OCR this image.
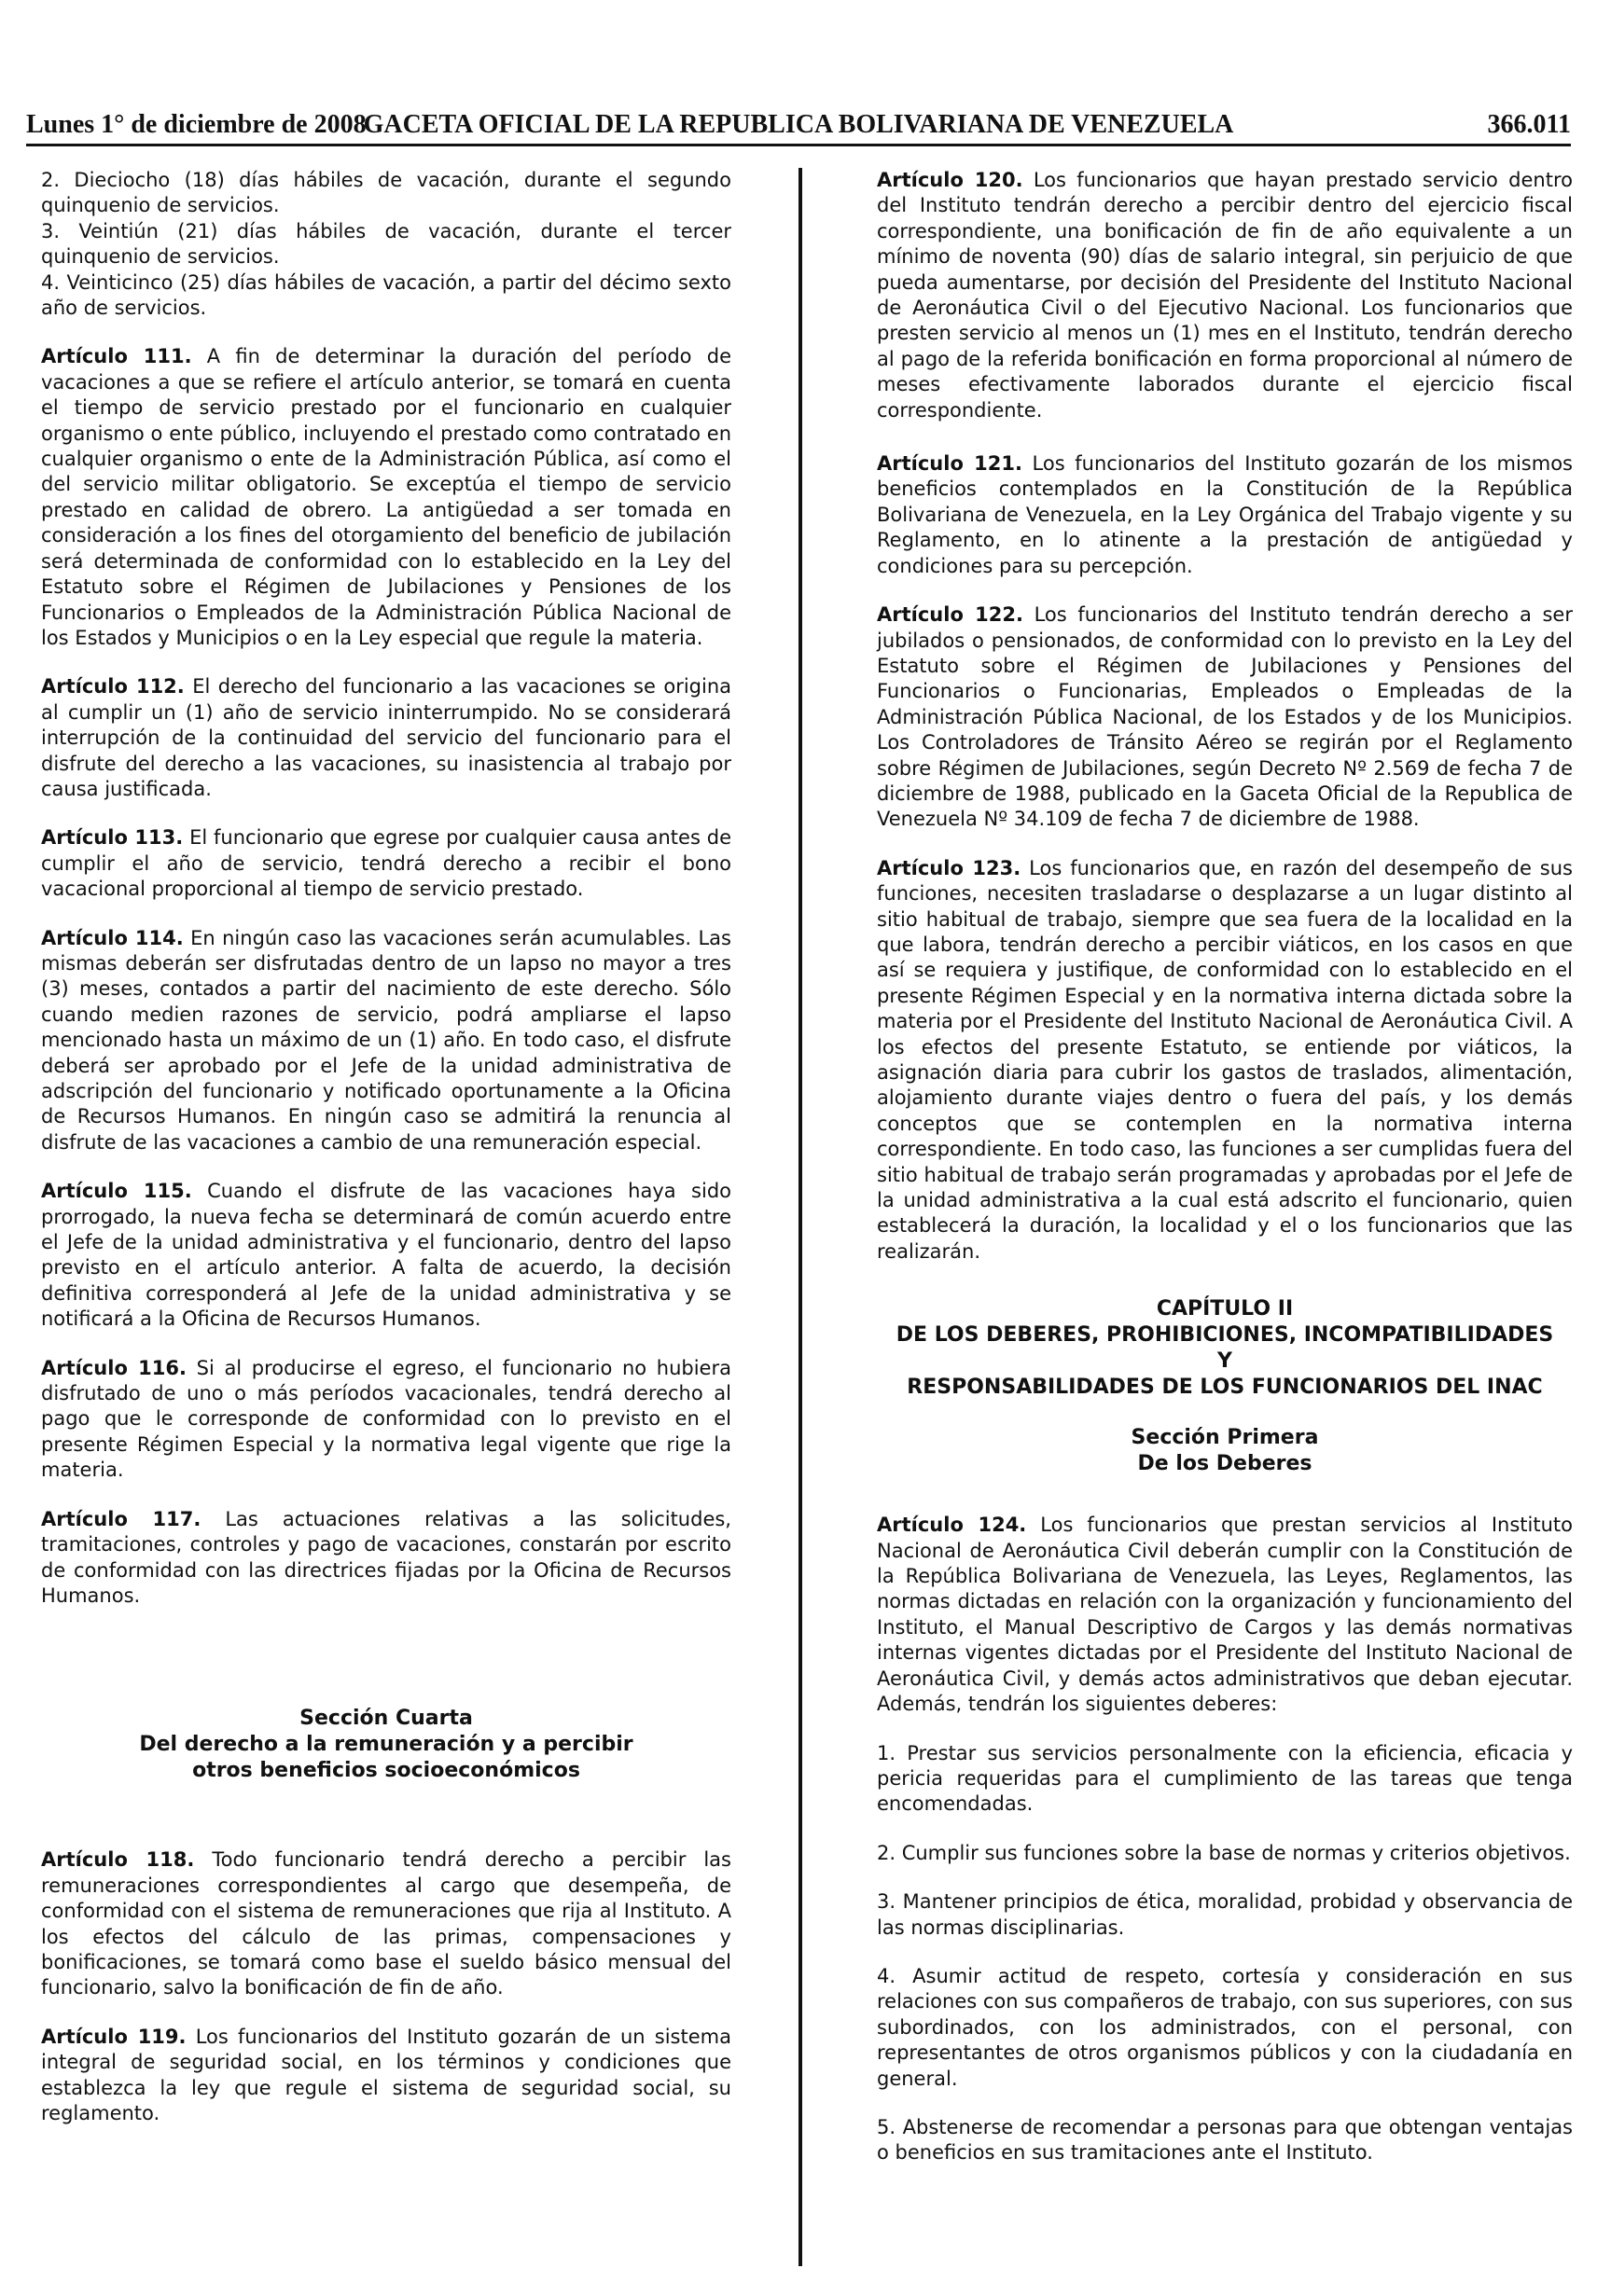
Lunes 1° de diciembre de 2008
GACETA OFICIAL DE LA REPUBLICA BOLIVARIANA DE VENEZUELA	366.011

2. Dieciocho (18) días hábiles de vacación, durante el segundo quinquenio de servicios.

3. Veintiún (21) días hábiles de vacación, durante el tercer quinquenio de servicios.

4. Veinticinco (25) días hábiles de vacación, a partir del décimo sexto año de servicios.

Artículo 111. A fin de determinar la duración del período de vacaciones a que se refiere el artículo anterior, se tomará en cuenta el tiempo de servicio prestado por el funcionario en cualquier organismo o ente público, incluyendo el prestado como contratado en cualquier organismo o ente de la Administración Pública, así como el del servicio militar obligatorio. Se exceptúa el tiempo de servicio prestado en calidad de obrero. La antigüedad a ser tomada en consideración a los fines del otorgamiento del beneficio de jubilación será determinada de conformidad con lo establecido en la Ley del Estatuto sobre el Régimen de Jubilaciones y Pensiones de los Funcionarios o Empleados de la Administración Pública Nacional de los Estados y Municipios o en la Ley especial que regule la materia.

Artículo 112. El derecho del funcionario a las vacaciones se origina al cumplir un (1) año de servicio ininterrumpido. No se considerará interrupción de la continuidad del servicio del funcionario para el disfrute del derecho a las vacaciones, su inasistencia al trabajo por causa justificada.

Artículo 113. El funcionario que egrese por cualquier causa antes de cumplir el año de servicio, tendrá derecho a recibir el bono vacacional proporcional al tiempo de servicio prestado.

Artículo 114. En ningún caso las vacaciones serán acumulables. Las mismas deberán ser disfrutadas dentro de un lapso no mayor a tres (3) meses, contados a partir del nacimiento de este derecho. Sólo cuando medien razones de servicio, podrá ampliarse el lapso mencionado hasta un máximo de un (1) año. En todo caso, el disfrute deberá ser aprobado por el Jefe de la unidad administrativa de adscripción del funcionario y notificado oportunamente a la Oficina de Recursos Humanos. En ningún caso se admitirá la renuncia al disfrute de las vacaciones a cambio de una remuneración especial.

Artículo 115. Cuando el disfrute de las vacaciones haya sido prorrogado, la nueva fecha se determinará de común acuerdo entre el Jefe de la unidad administrativa y el funcionario, dentro del lapso previsto en el artículo anterior. A falta de acuerdo, la decisión definitiva corresponderá al Jefe de la unidad administrativa y se notificará a la Oficina de Recursos Humanos.

Artículo 116. Si al producirse el egreso, el funcionario no hubiera disfrutado de uno o más períodos vacacionales, tendrá derecho al pago que le corresponde de conformidad con lo previsto en el presente Régimen Especial y la normativa legal vigente que rige la materia.

Artículo 117. Las actuaciones relativas a las solicitudes, tramitaciones, controles y pago de vacaciones, constarán por escrito de conformidad con las directrices fijadas por la Oficina de Recursos Humanos.

Sección Cuarta

Del derecho a la remuneración y a percibir

otros beneficios socioeconómicos

Artículo 118. Todo funcionario tendrá derecho a percibir las remuneraciones correspondientes al cargo que desempeña, de conformidad con el sistema de remuneraciones que rija al Instituto. A los efectos del cálculo de las primas, compensaciones y bonificaciones, se tomará como base el sueldo básico mensual del funcionario, salvo la bonificación de fin de año.

Artículo 119. Los funcionarios del Instituto gozarán de un sistema integral de seguridad social, en los términos y condiciones que establezca la ley que regule el sistema de seguridad social, su reglamento.

Artículo 120. Los funcionarios que hayan prestado servicio dentro del Instituto tendrán derecho a percibir dentro del ejercicio fiscal correspondiente, una bonificación de fin de año equivalente a un mínimo de noventa (90) días de salario integral, sin perjuicio de que pueda aumentarse, por decisión del Presidente del Instituto Nacional de Aeronáutica Civil o del Ejecutivo Nacional. Los funcionarios que presten servicio al menos un (1) mes en el Instituto, tendrán derecho al pago de la referida bonificación en forma proporcional al número de meses efectivamente laborados durante el ejercicio fiscal correspondiente.

Artículo 121. Los funcionarios del Instituto gozarán de los mismos beneficios contemplados en la Constitución de la República Bolivariana de Venezuela, en la Ley Orgánica del Trabajo vigente y su Reglamento, en lo atinente a la prestación de antigüedad y condiciones para su percepción.

Artículo 122. Los funcionarios del Instituto tendrán derecho a ser jubilados o pensionados, de conformidad con lo previsto en la Ley del Estatuto sobre el Régimen de Jubilaciones y Pensiones del Funcionarios o Funcionarias, Empleados o Empleadas de la Administración Pública Nacional, de los Estados y de los Municipios. Los Controladores de Tránsito Aéreo se regirán por el Reglamento sobre Régimen de Jubilaciones, según Decreto Nº 2.569 de fecha 7 de diciembre de 1988, publicado en la Gaceta Oficial de la Republica de Venezuela Nº 34.109 de fecha 7 de diciembre de 1988.

Artículo 123. Los funcionarios que, en razón del desempeño de sus funciones, necesiten trasladarse o desplazarse a un lugar distinto al sitio habitual de trabajo, siempre que sea fuera de la localidad en la que labora, tendrán derecho a percibir viáticos, en los casos en que así se requiera y justifique, de conformidad con lo establecido en el presente Régimen Especial y en la normativa interna dictada sobre la materia por el Presidente del Instituto Nacional de Aeronáutica Civil. A los efectos del presente Estatuto, se entiende por viáticos, la asignación diaria para cubrir los gastos de traslados, alimentación, alojamiento durante viajes dentro o fuera del país, y los demás conceptos que se contemplen en la normativa interna correspondiente. En todo caso, las funciones a ser cumplidas fuera del sitio habitual de trabajo serán programadas y aprobadas por el Jefe de la unidad administrativa a la cual está adscrito el funcionario, quien establecerá la duración, la localidad y el o los funcionarios que las realizarán.

CAPÍTULO II

DE LOS DEBERES, PROHIBICIONES, INCOMPATIBILIDADES

Y

RESPONSABILIDADES DE LOS FUNCIONARIOS DEL INAC

Sección Primera

De los Deberes

Artículo 124. Los funcionarios que prestan servicios al Instituto Nacional de Aeronáutica Civil deberán cumplir con la Constitución de la República Bolivariana de Venezuela, las Leyes, Reglamentos, las normas dictadas en relación con la organización y funcionamiento del Instituto, el Manual Descriptivo de Cargos y las demás normativas internas vigentes dictadas por el Presidente del Instituto Nacional de Aeronáutica Civil, y demás actos administrativos que deban ejecutar. Además, tendrán los siguientes deberes:

1. Prestar sus servicios personalmente con la eficiencia, eficacia y pericia requeridas para el cumplimiento de las tareas que tenga encomendadas.

2. Cumplir sus funciones sobre la base de normas y criterios objetivos.

3. Mantener principios de ética, moralidad, probidad y observancia de las normas disciplinarias.

4. Asumir actitud de respeto, cortesía y consideración en sus relaciones con sus compañeros de trabajo, con sus superiores, con sus subordinados, con los administrados, con el personal, con representantes de otros organismos públicos y con la ciudadanía en general.

5. Abstenerse de recomendar a personas para que obtengan ventajas o beneficios en sus tramitaciones ante el Instituto.
